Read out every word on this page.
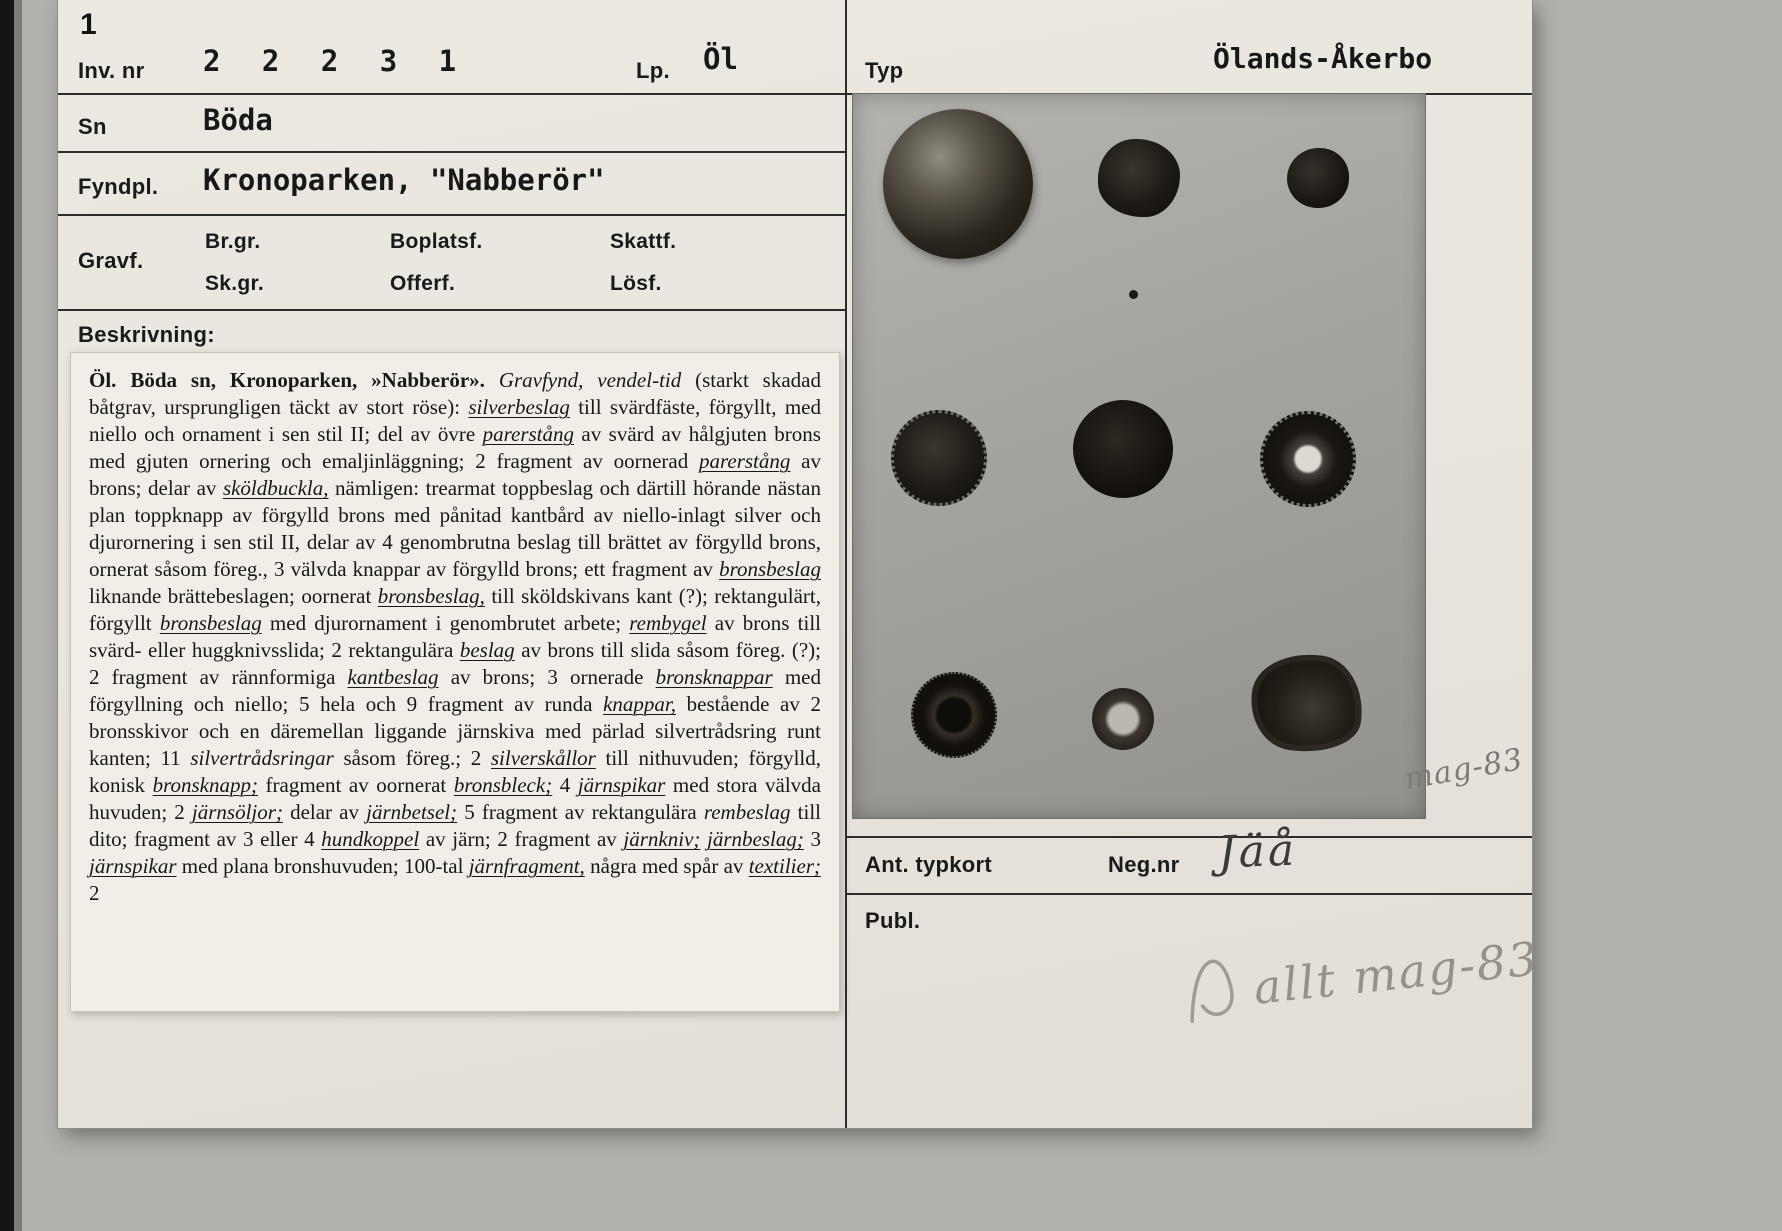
1
Inv. nr 2 2 2 3 1	Lp. Öl
Sn	Böda
Fyndpl. Kronoparken, "Nabberör"
Gravf.
Br.gr.	Boplatsf.	Skattf.
Sk.gr.	Offerf.	Lösf.
Beskrivning:
Öl. Böda sn, Kronoparken, »Nabberör». Gravfynd, vendel-tid (starkt skadad båtgrav, ursprungligen täckt av stort röse): silverbeslag till svärdfäste, förgyllt, med niello och ornament i sen stil II; del av övre parerstång av svärd av hålgjuten brons med gjuten ornering och emaljinläggning; 2 fragment av oornerad parerstång av brons; delar av sköldbuckla, nämligen: trearmat toppbeslag och därtill hörande nästan plan toppknapp av förgylld brons med pånitad kantbård av niello-inlagt silver och djurornering i sen stil II, delar av 4 genombrutna beslag till brättet av förgylld brons, ornerat såsom föreg., 3 välvda knappar av förgylld brons; ett fragment av bronsbeslag liknande brättebeslagen; oornerat bronsbeslag, till sköldskivans kant (?); rektangulärt, förgyllt bronsbeslag med djurornament i genombrutet arbete; rembygel av brons till svärd- eller huggknivsslida; 2 rektangulära beslag av brons till slida såsom föreg. (?); 2 fragment av rännformiga kantbeslag av brons; 3 ornerade bronsknappar med förgyllning och niello; 5 hela och 9 fragment av runda knappar, bestående av 2 bronsskivor och en däremellan liggande järnskiva med pärlad silvertrådsring runt kanten; 11 silvertrådsringar såsom föreg.; 2 silverskållor till nithuvuden; förgylld, konisk bronsknapp; fragment av oornerat bronsbleck; 4 järnspikar med stora välvda huvuden; 2 järnsöljor; delar av järnbetsel; 5 fragment av rektangulära rembeslag till dito; fragment av 3 eller 4 hundkoppel av järn; 2 fragment av järnkniv; järnbeslag; 3 järnspikar med plana bronshuvuden; 100-tal järnfragment, några med spår av textilier; 2
Typ	Ölands-Åkerbo
mag-83
Ant. typkort	Neg.nr Jäå
Publ.
allt mag-83
